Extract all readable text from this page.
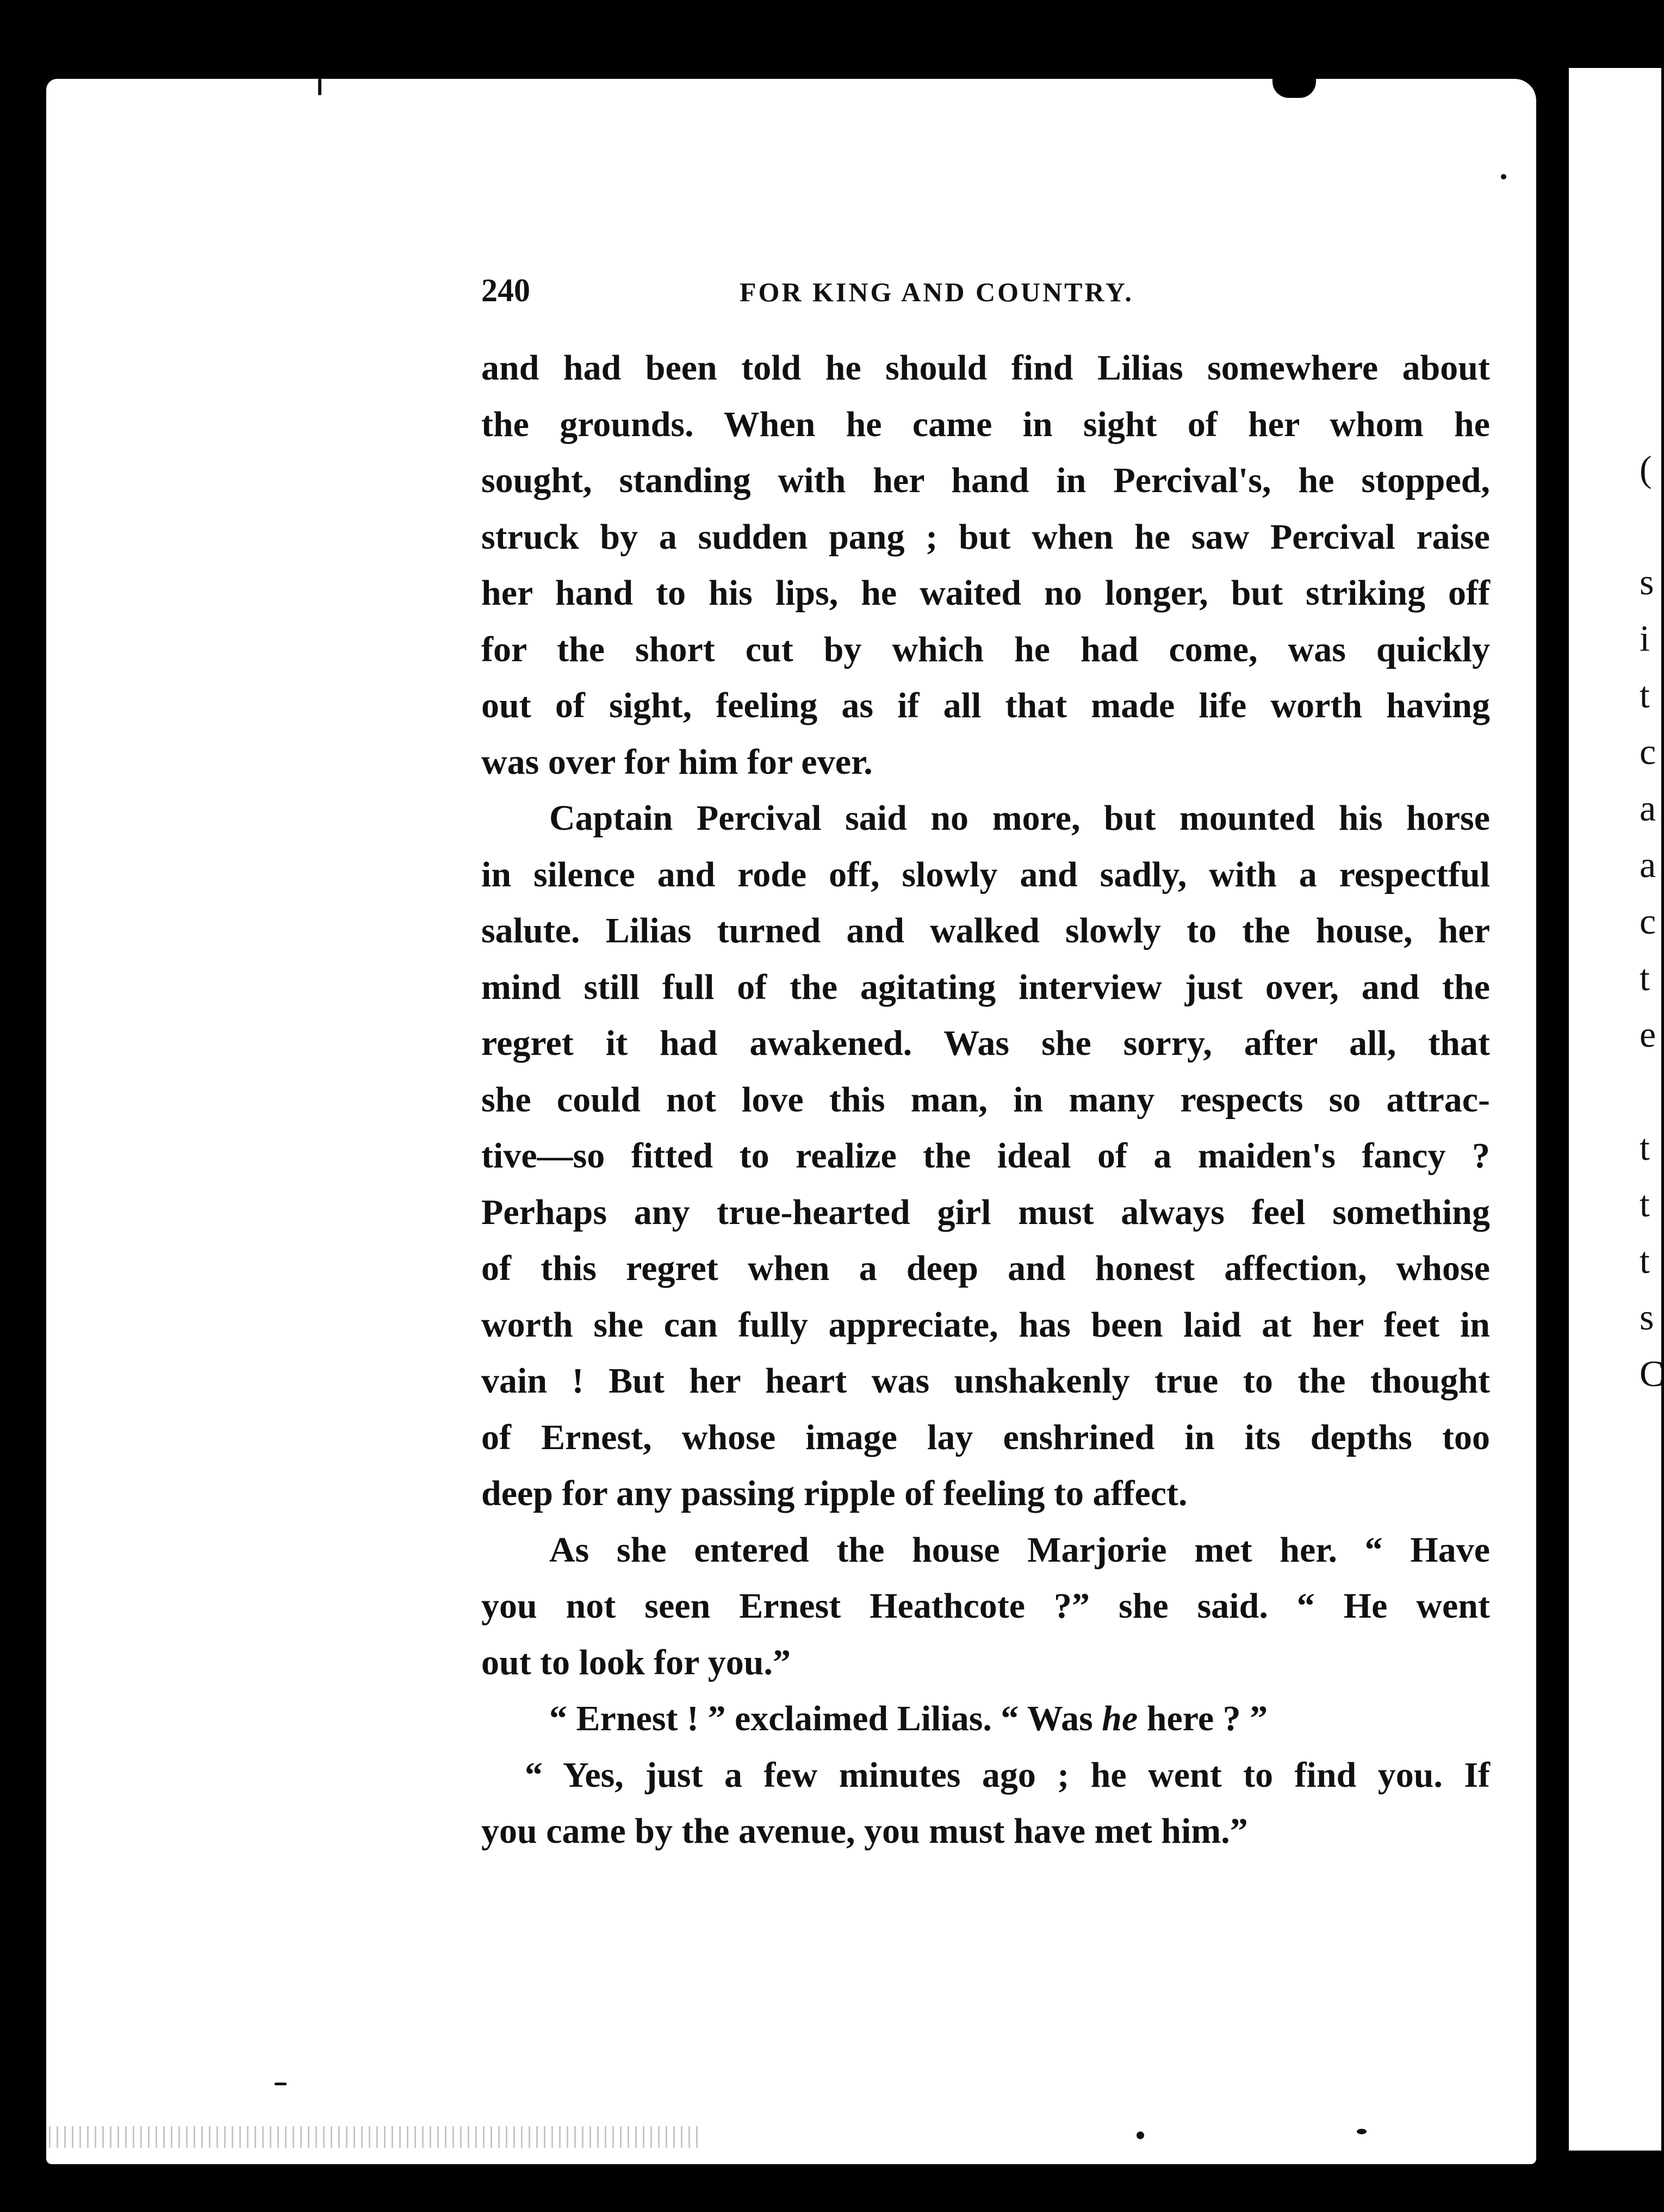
(

s
i
t
c
a
a
c
t
e

t
t
t
s
C
240	FOR KING AND COUNTRY.
and had been told he should find Lilias somewhere about
the grounds. When he came in sight of her whom he
sought, standing with her hand in Percival's, he stopped,
struck by a sudden pang ; but when he saw Percival raise
her hand to his lips, he waited no longer, but striking off
for the short cut by which he had come, was quickly
out of sight, feeling as if all that made life worth having
was over for him for ever.
Captain Percival said no more, but mounted his horse
in silence and rode off, slowly and sadly, with a respectful
salute. Lilias turned and walked slowly to the house, her
mind still full of the agitating interview just over, and the
regret it had awakened. Was she sorry, after all, that
she could not love this man, in many respects so attrac-
tive—so fitted to realize the ideal of a maiden's fancy ?
Perhaps any true-hearted girl must always feel something
of this regret when a deep and honest affection, whose
worth she can fully appreciate, has been laid at her feet in
vain ! But her heart was unshakenly true to the thought
of Ernest, whose image lay enshrined in its depths too
deep for any passing ripple of feeling to affect.
As she entered the house Marjorie met her. “ Have
you not seen Ernest Heathcote ?” she said. “ He went
out to look for you.”
“ Ernest ! ” exclaimed Lilias. “ Was he here ? ”
“ Yes, just a few minutes ago ; he went to find you. If
you came by the avenue, you must have met him.”
